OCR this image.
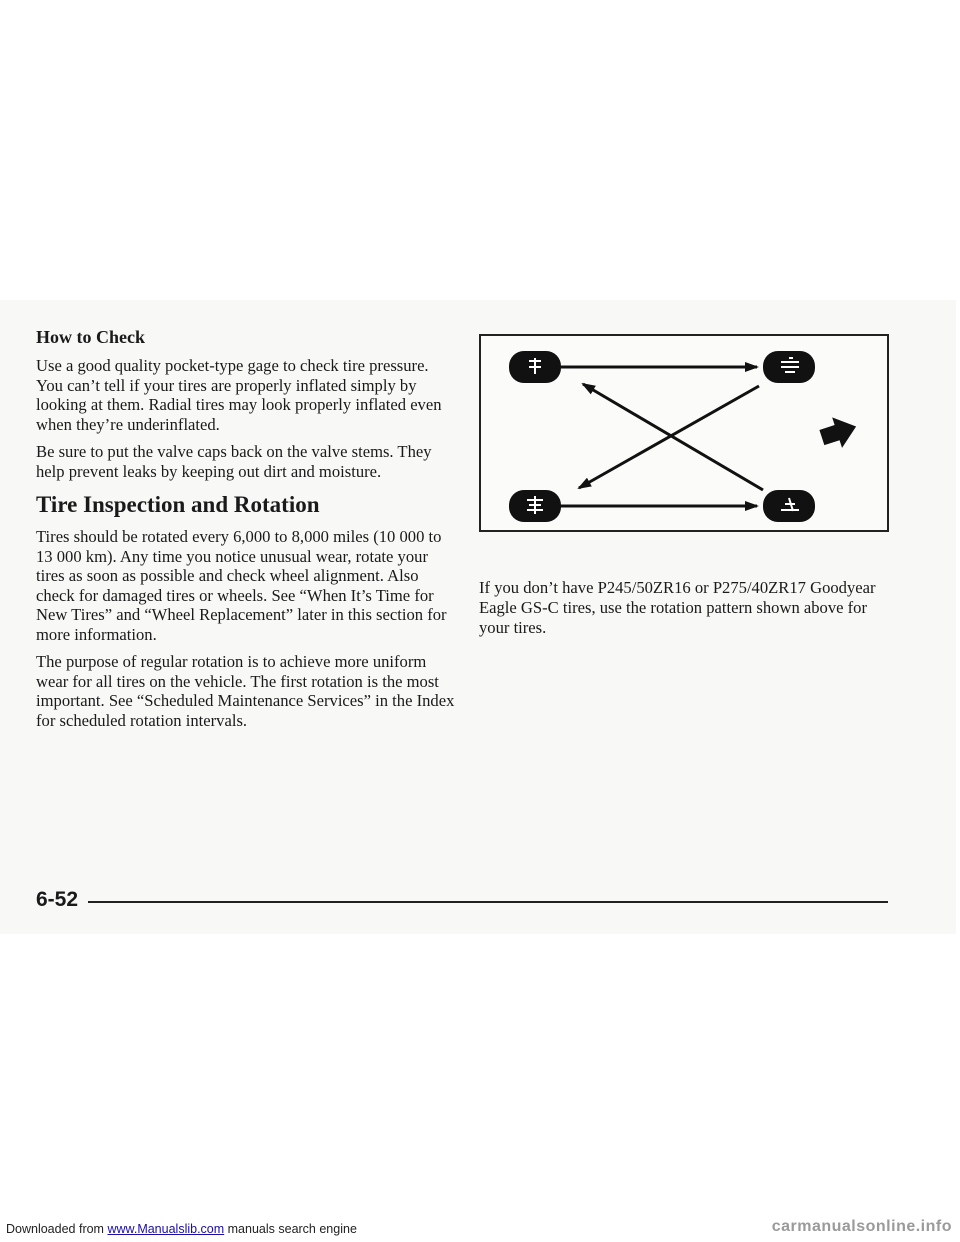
How to Check

Use a good quality pocket-type gage to check tire pressure. You can’t tell if your tires are properly inflated simply by looking at them. Radial tires may look properly inflated even when they’re underinflated.

Be sure to put the valve caps back on the valve stems. They help prevent leaks by keeping out dirt and moisture.

Tire Inspection and Rotation

Tires should be rotated every 6,000 to 8,000 miles (10 000 to 13 000 km). Any time you notice unusual wear, rotate your tires as soon as possible and check wheel alignment. Also check for damaged tires or wheels. See “When It’s Time for New Tires” and “Wheel Replacement” later in this section for more information.

The purpose of regular rotation is to achieve more uniform wear for all tires on the vehicle. The first rotation is the most important. See “Scheduled Maintenance Services” in the Index for scheduled rotation intervals.

If you don’t have P245/50ZR16 or P275/40ZR17 Goodyear Eagle GS-C tires, use the rotation pattern shown above for your tires.

6-52
Downloaded from www.Manualslib.com manuals search engine	carmanualsonline.info
